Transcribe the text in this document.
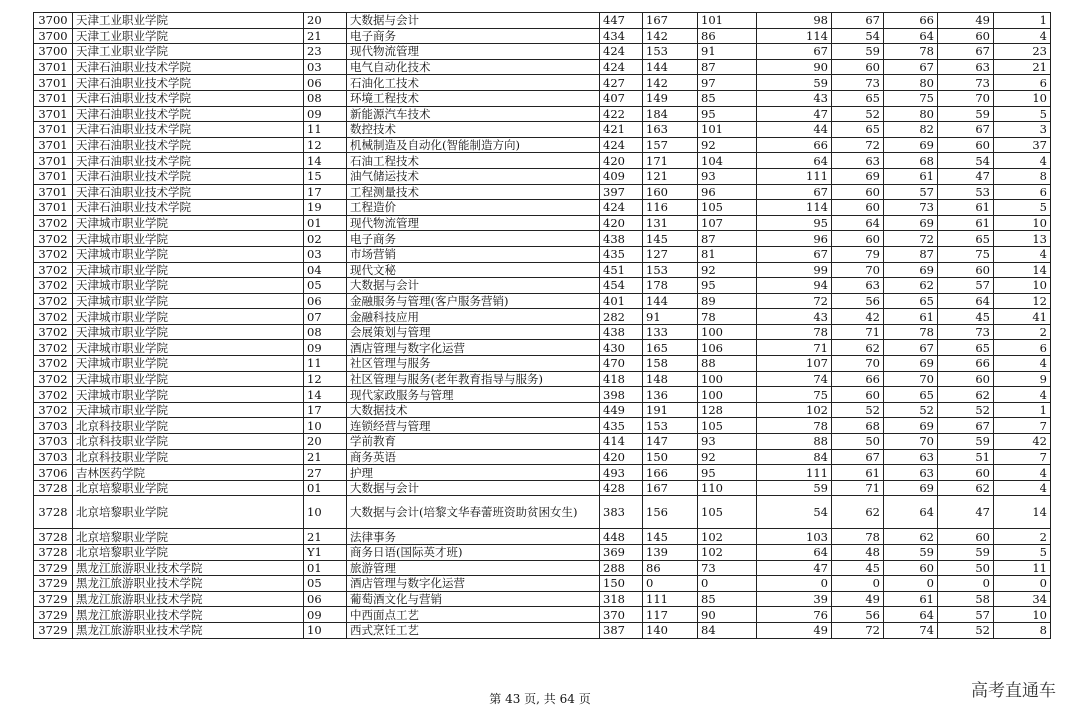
3700	天津工业职业学院	20	大数据与会计	447	167	101	98	67	66	49	1
3700	天津工业职业学院	21	电子商务	434	142	86	114	54	64	60	4
3700	天津工业职业学院	23	现代物流管理	424	153	91	67	59	78	67	23
3701	天津石油职业技术学院	03	电气自动化技术	424	144	87	90	60	67	63	21
3701	天津石油职业技术学院	06	石油化工技术	427	142	97	59	73	80	73	6
3701	天津石油职业技术学院	08	环境工程技术	407	149	85	43	65	75	70	10
3701	天津石油职业技术学院	09	新能源汽车技术	422	184	95	47	52	80	59	5
3701	天津石油职业技术学院	11	数控技术	421	163	101	44	65	82	67	3
3701	天津石油职业技术学院	12	机械制造及自动化(智能制造方向)	424	157	92	66	72	69	60	37
3701	天津石油职业技术学院	14	石油工程技术	420	171	104	64	63	68	54	4
3701	天津石油职业技术学院	15	油气储运技术	409	121	93	111	69	61	47	8
3701	天津石油职业技术学院	17	工程测量技术	397	160	96	67	60	57	53	6
3701	天津石油职业技术学院	19	工程造价	424	116	105	114	60	73	61	5
3702	天津城市职业学院	01	现代物流管理	420	131	107	95	64	69	61	10
3702	天津城市职业学院	02	电子商务	438	145	87	96	60	72	65	13
3702	天津城市职业学院	03	市场营销	435	127	81	67	79	87	75	4
3702	天津城市职业学院	04	现代文秘	451	153	92	99	70	69	60	14
3702	天津城市职业学院	05	大数据与会计	454	178	95	94	63	62	57	10
3702	天津城市职业学院	06	金融服务与管理(客户服务营销)	401	144	89	72	56	65	64	12
3702	天津城市职业学院	07	金融科技应用	282	91	78	43	42	61	45	41
3702	天津城市职业学院	08	会展策划与管理	438	133	100	78	71	78	73	2
3702	天津城市职业学院	09	酒店管理与数字化运营	430	165	106	71	62	67	65	6
3702	天津城市职业学院	11	社区管理与服务	470	158	88	107	70	69	66	4
3702	天津城市职业学院	12	社区管理与服务(老年教育指导与服务)	418	148	100	74	66	70	60	9
3702	天津城市职业学院	14	现代家政服务与管理	398	136	100	75	60	65	62	4
3702	天津城市职业学院	17	大数据技术	449	191	128	102	52	52	52	1
3703	北京科技职业学院	10	连锁经营与管理	435	153	105	78	68	69	67	7
3703	北京科技职业学院	20	学前教育	414	147	93	88	50	70	59	42
3703	北京科技职业学院	21	商务英语	420	150	92	84	67	63	51	7
3706	吉林医药学院	27	护理	493	166	95	111	61	63	60	4
3728	北京培黎职业学院	01	大数据与会计	428	167	110	59	71	69	62	4
3728	北京培黎职业学院	10	大数据与会计(培黎文华春蕾班资助贫困女生)	383	156	105	54	62	64	47	14
3728	北京培黎职业学院	21	法律事务	448	145	102	103	78	62	60	2
3728	北京培黎职业学院	Y1	商务日语(国际英才班)	369	139	102	64	48	59	59	5
3729	黑龙江旅游职业技术学院	01	旅游管理	288	86	73	47	45	60	50	11
3729	黑龙江旅游职业技术学院	05	酒店管理与数字化运营	150	0	0	0	0	0	0	0
3729	黑龙江旅游职业技术学院	06	葡萄酒文化与营销	318	111	85	39	49	61	58	34
3729	黑龙江旅游职业技术学院	09	中西面点工艺	370	117	90	76	56	64	57	10
3729	黑龙江旅游职业技术学院	10	西式烹饪工艺	387	140	84	49	72	74	52	8
第 43 页, 共 64 页	高考直通车
